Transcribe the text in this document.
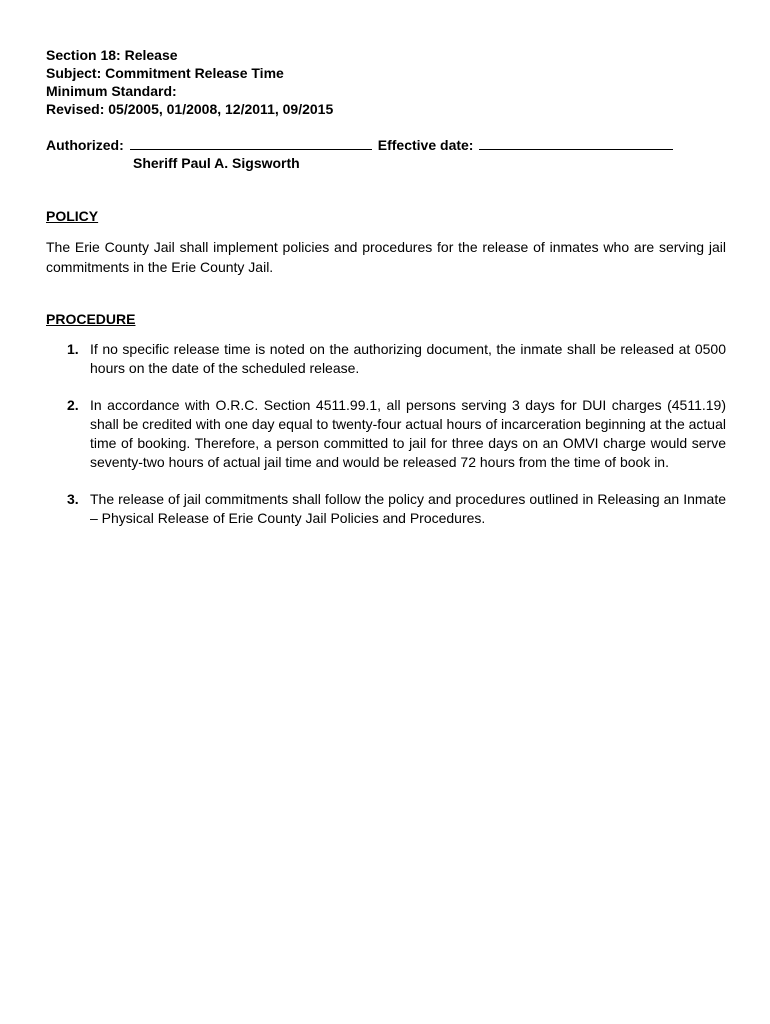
Section 18: Release
Subject: Commitment Release Time
Minimum Standard:
Revised: 05/2005, 01/2008, 12/2011, 09/2015
Authorized:	Effective date:
Sheriff Paul A. Sigsworth
POLICY
The Erie County Jail shall implement policies and procedures for the release of inmates who are serving jail commitments in the Erie County Jail.
PROCEDURE
1. If no specific release time is noted on the authorizing document, the inmate shall be released at 0500 hours on the date of the scheduled release.
2. In accordance with O.R.C. Section 4511.99.1, all persons serving 3 days for DUI charges (4511.19) shall be credited with one day equal to twenty-four actual hours of incarceration beginning at the actual time of booking. Therefore, a person committed to jail for three days on an OMVI charge would serve seventy-two hours of actual jail time and would be released 72 hours from the time of book in.
3. The release of jail commitments shall follow the policy and procedures outlined in Releasing an Inmate – Physical Release of Erie County Jail Policies and Procedures.
